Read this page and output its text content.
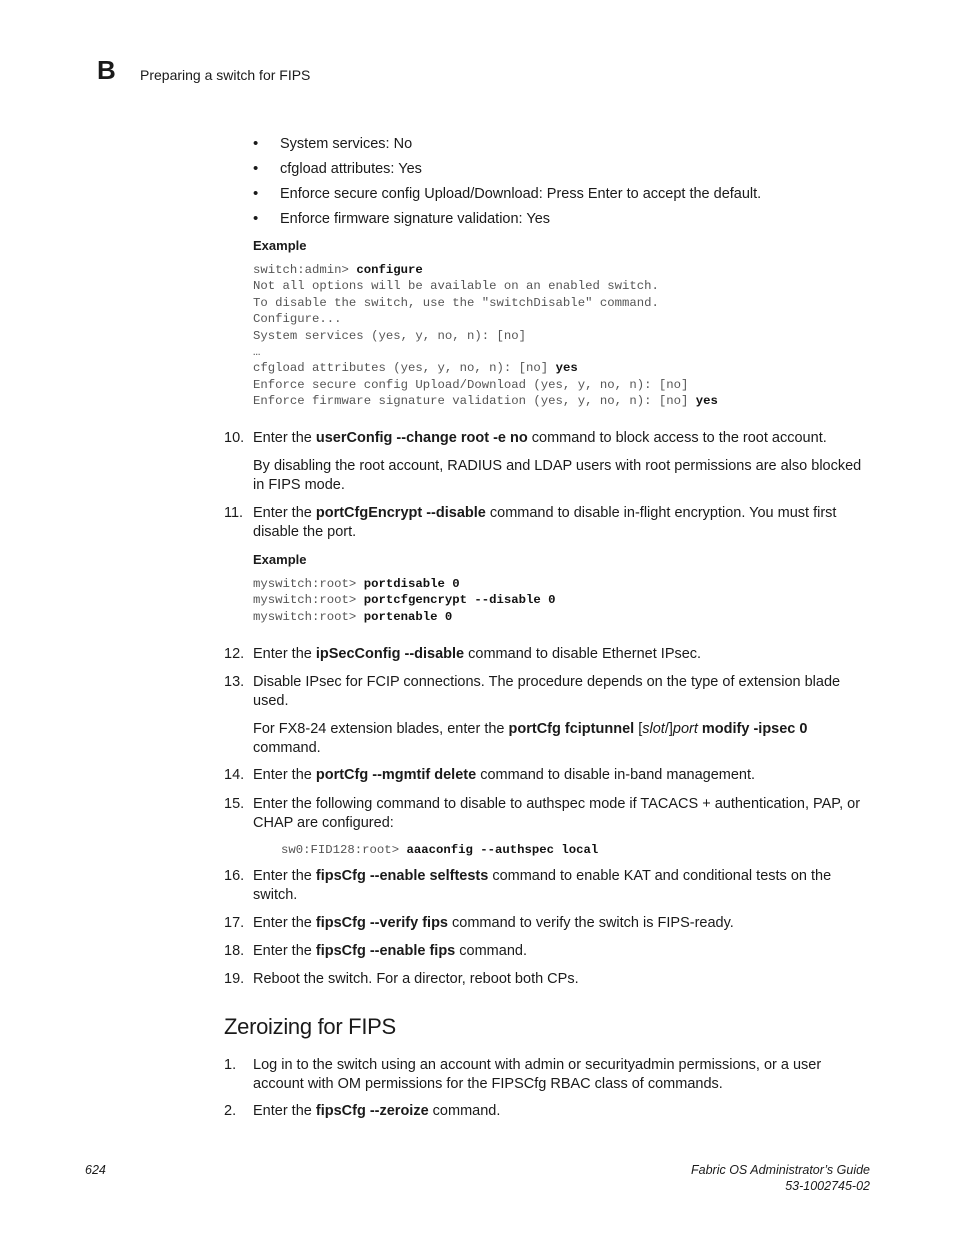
B Preparing a switch for FIPS
• System services: No
• cfgload attributes: Yes
• Enforce secure config Upload/Download: Press Enter to accept the default.
• Enforce firmware signature validation: Yes
Example
switch:admin> configure
Not all options will be available on an enabled switch.
To disable the switch, use the "switchDisable" command.
Configure...
System services (yes, y, no, n): [no]
…
cfgload attributes (yes, y, no, n): [no] yes
Enforce secure config Upload/Download (yes, y, no, n): [no]
Enforce firmware signature validation (yes, y, no, n): [no] yes
10. Enter the userConfig --change root -e no command to block access to the root account.
By disabling the root account, RADIUS and LDAP users with root permissions are also blocked in FIPS mode.
11. Enter the portCfgEncrypt --disable command to disable in-flight encryption. You must first disable the port.
Example
myswitch:root> portdisable 0
myswitch:root> portcfgencrypt --disable 0
myswitch:root> portenable 0
12. Enter the ipSecConfig --disable command to disable Ethernet IPsec.
13. Disable IPsec for FCIP connections. The procedure depends on the type of extension blade used.
For FX8-24 extension blades, enter the portCfg fciptunnel [slot/]port modify -ipsec 0 command.
14. Enter the portCfg --mgmtif delete command to disable in-band management.
15. Enter the following command to disable to authspec mode if TACACS + authentication, PAP, or CHAP are configured:
sw0:FID128:root> aaaconfig --authspec local
16. Enter the fipsCfg --enable selftests command to enable KAT and conditional tests on the switch.
17. Enter the fipsCfg --verify fips command to verify the switch is FIPS-ready.
18. Enter the fipsCfg --enable fips command.
19. Reboot the switch. For a director, reboot both CPs.
Zeroizing for FIPS
1.	Log in to the switch using an account with admin or securityadmin permissions, or a user account with OM permissions for the FIPSCfg RBAC class of commands.
2.	Enter the fipsCfg --zeroize command.
624	Fabric OS Administrator’s Guide
53-1002745-02
